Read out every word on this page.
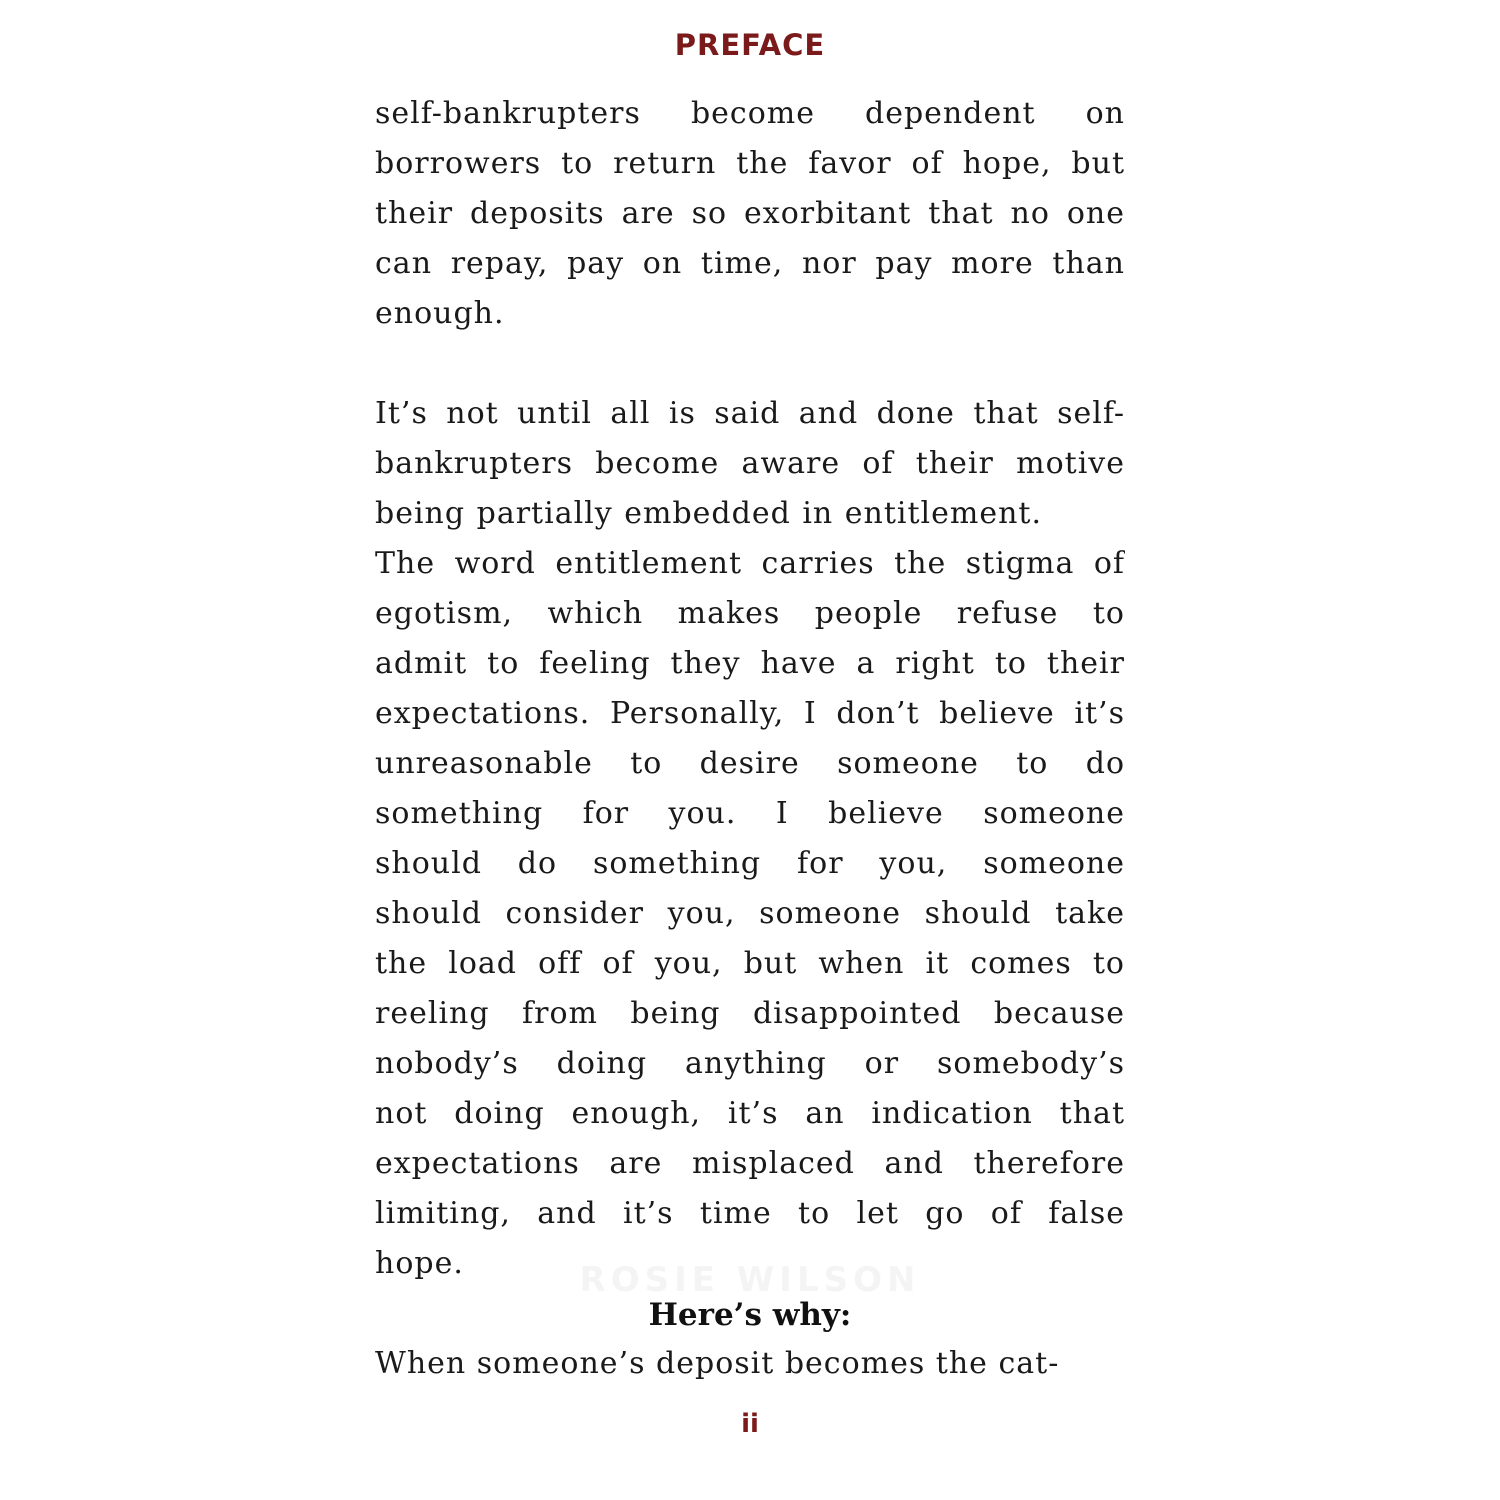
PREFACE
ROSIE WILSON
self-bankrupters become dependent on
borrowers to return the favor of hope, but
their deposits are so exorbitant that no one
can repay, pay on time, nor pay more than
enough.
It’s not until all is said and done that self-
bankrupters become aware of their motive
being partially embedded in entitlement.
The word entitlement carries the stigma of
egotism, which makes people refuse to
admit to feeling they have a right to their
expectations. Personally, I don’t believe it’s
unreasonable to desire someone to do
something for you. I believe someone
should do something for you, someone
should consider you, someone should take
the load off of you, but when it comes to
reeling from being disappointed because
nobody’s doing anything or somebody’s
not doing enough, it’s an indication that
expectations are misplaced and therefore
limiting, and it’s time to let go of false
hope.
Here’s why:
When someone’s deposit becomes the cat-
ii
